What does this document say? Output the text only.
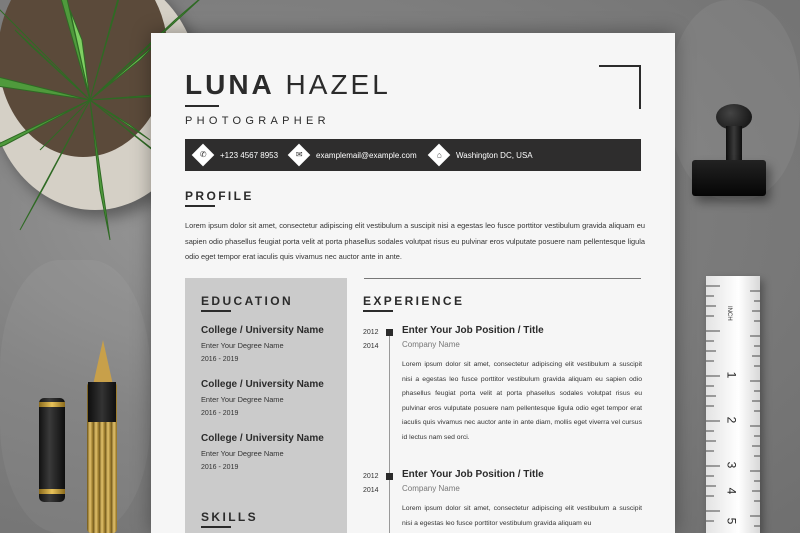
INCH
1
2
3
4
5
LUNA HAZEL
PHOTOGRAPHER
✆ +123 4567 8953 ✉ examplemail@example.com ⌂ Washington DC, USA
PROFILE
Lorem ipsum dolor sit amet, consectetur adipiscing elit vestibulum a suscipit nisi a egestas leo fusce porttitor vestibulum gravida aliquam eu sapien odio phasellus feugiat porta velit at porta phasellus sodales volutpat risus eu pulvinar eros vulputate posuere nam pellentesque ligula odio eget tempor erat iaculis quis vivamus nec auctor ante in ante.
EDUCATION
College / University Name
Enter Your Degree Name
2016 - 2019
College / University Name
Enter Your Degree Name
2016 - 2019
College / University Name
Enter Your Degree Name
2016 - 2019
SKILLS
EXPERIENCE
2012
2014
Enter Your Job Position / Title
Company Name
Lorem ipsum dolor sit amet, consectetur adipiscing elit vestibulum a suscipit nisi a egestas leo fusce porttitor vestibulum gravida aliquam eu sapien odio phasellus feugiat porta velit at porta phasellus sodales volutpat risus eu pulvinar eros vulputate posuere nam pellentesque ligula odio eget tempor erat iaculis quis vivamus nec auctor ante in ante diam, mollis eget viverra vel cursus id lectus nam sed orci.
2012
2014
Enter Your Job Position / Title
Company Name
Lorem ipsum dolor sit amet, consectetur adipiscing elit vestibulum a suscipit nisi a egestas leo fusce porttitor vestibulum gravida aliquam eu
